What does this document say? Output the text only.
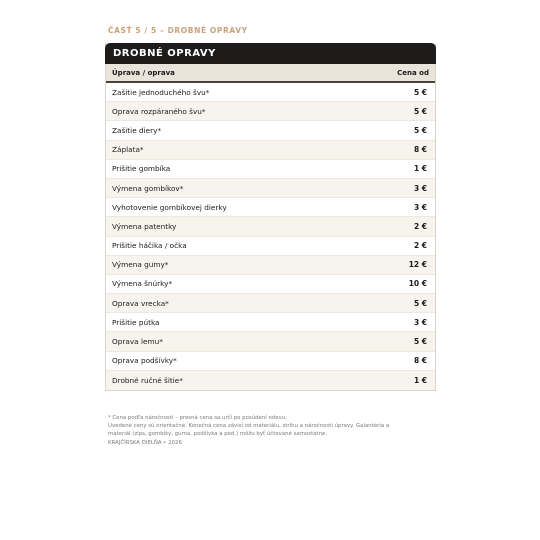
ČASŤ 5 / 5 – DROBNÉ OPRAVY
DROBNÉ OPRAVY
Úprava / oprava	Cena od
Zašitie jednoduchého švu*	5 €
Oprava rozpáraného švu*	5 €
Zašitie diery*	5 €
Záplata*	8 €
Prišitie gombíka	1 €
Výmena gombíkov*	3 €
Vyhotovenie gombíkovej dierky	3 €
Výmena patentky	2 €
Prišitie háčika / očka	2 €
Výmena gumy*	12 €
Výmena šnúrky*	10 €
Oprava vrecka*	5 €
Prišitie pútka	3 €
Oprava lemu*	5 €
Oprava podšívky*	8 €
Drobné ručné šitie*	1 €
* Cena podľa náročnosti – presná cena sa určí po posúdení odevu.
Uvedené ceny sú orientačné. Konečná cena závisí od materiálu, strihu a náročnosti úpravy. Galantéria a
materiál (zips, gombíky, guma, podšívka a pod.) môžu byť účtované samostatne.
KRAJČÍRSKA DIELŇA • 2026
